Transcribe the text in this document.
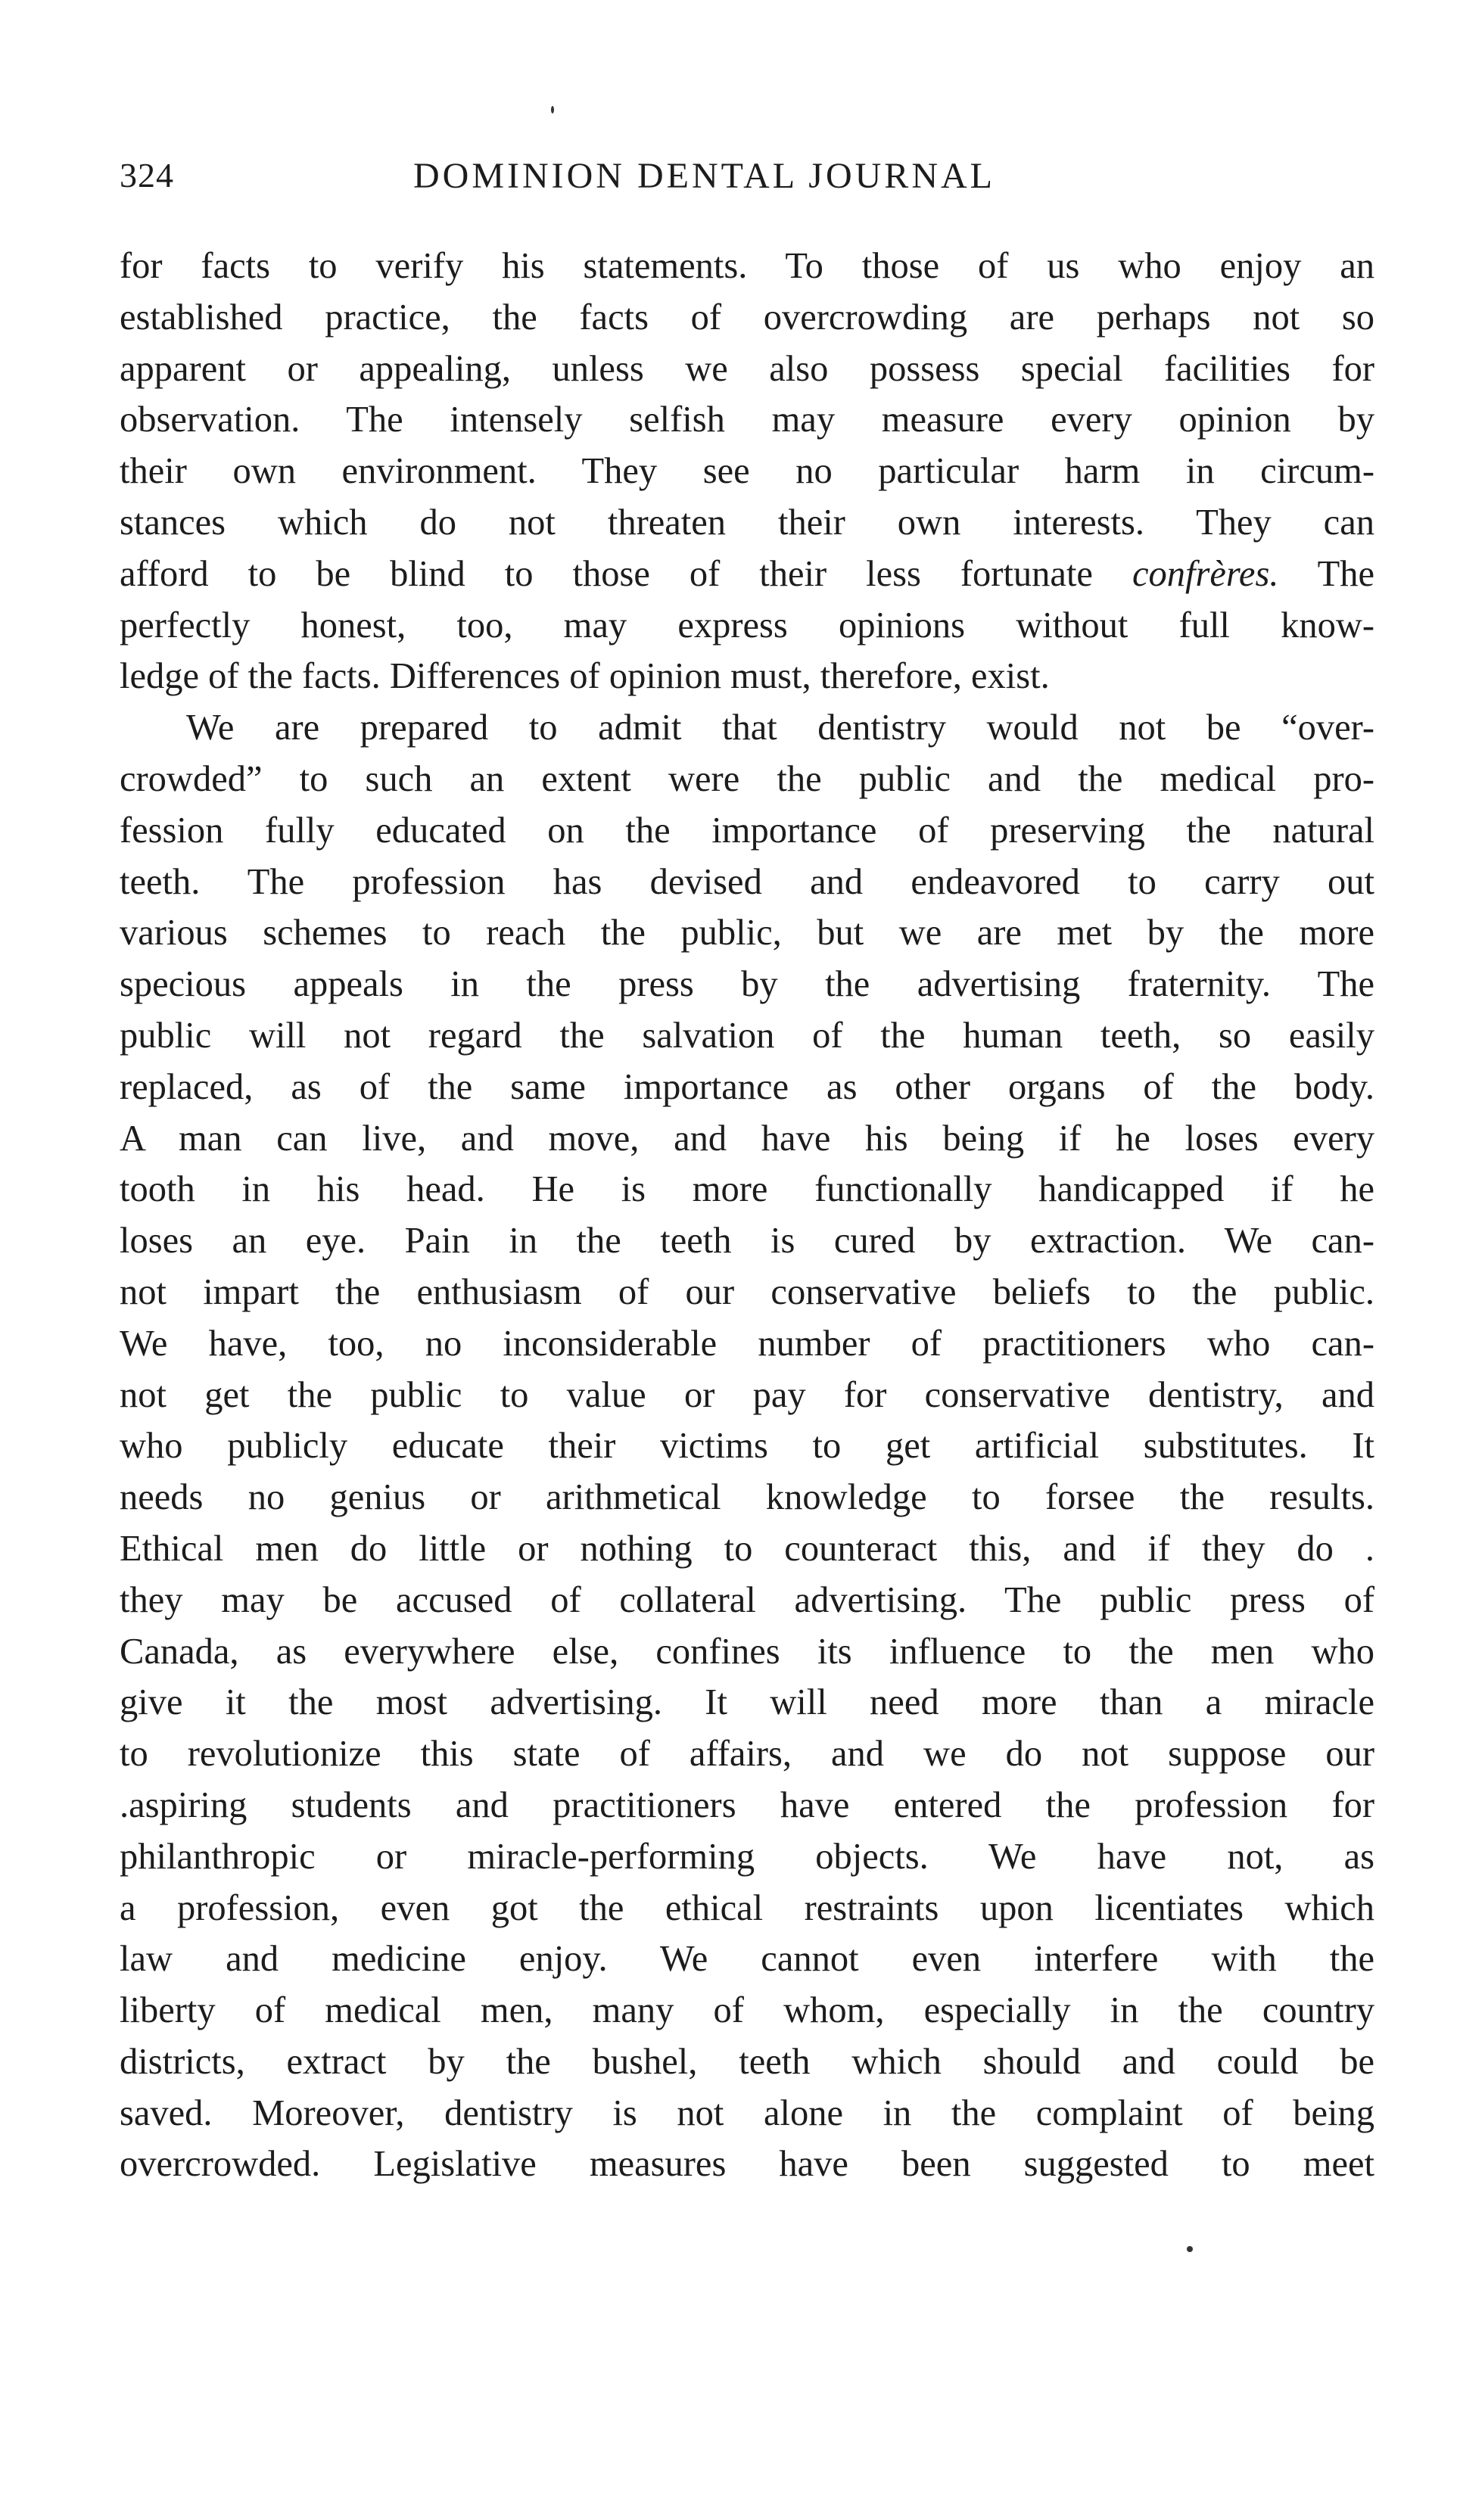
324	DOMINION DENTAL JOURNAL
for facts to verify his statements. To those of us who enjoy an
established practice, the facts of overcrowding are perhaps not so
apparent or appealing, unless we also possess special facilities for
observation. The intensely selfish may measure every opinion by
their own environment. They see no particular harm in circum-
stances which do not threaten their own interests. They can
afford to be blind to those of their less fortunate confrères. The
perfectly honest, too, may express opinions without full know-
ledge of the facts. Differences of opinion must, therefore, exist.
We are prepared to admit that dentistry would not be “over-
crowded” to such an extent were the public and the medical pro-
fession fully educated on the importance of preserving the natural
teeth. The profession has devised and endeavored to carry out
various schemes to reach the public, but we are met by the more
specious appeals in the press by the advertising fraternity. The
public will not regard the salvation of the human teeth, so easily
replaced, as of the same importance as other organs of the body.
A man can live, and move, and have his being if he loses every
tooth in his head. He is more functionally handicapped if he
loses an eye. Pain in the teeth is cured by extraction. We can-
not impart the enthusiasm of our conservative beliefs to the public.
We have, too, no inconsiderable number of practitioners who can-
not get the public to value or pay for conservative dentistry, and
who publicly educate their victims to get artificial substitutes. It
needs no genius or arithmetical knowledge to forsee the results.
Ethical men do little or nothing to counteract this, and if they do .
they may be accused of collateral advertising. The public press of
Canada, as everywhere else, confines its influence to the men who
give it the most advertising. It will need more than a miracle
to revolutionize this state of affairs, and we do not suppose our
.aspiring students and practitioners have entered the profession for
philanthropic or miracle-performing objects. We have not, as
a profession, even got the ethical restraints upon licentiates which
law and medicine enjoy. We cannot even interfere with the
liberty of medical men, many of whom, especially in the country
districts, extract by the bushel, teeth which should and could be
saved. Moreover, dentistry is not alone in the complaint of being
overcrowded. Legislative measures have been suggested to meet
